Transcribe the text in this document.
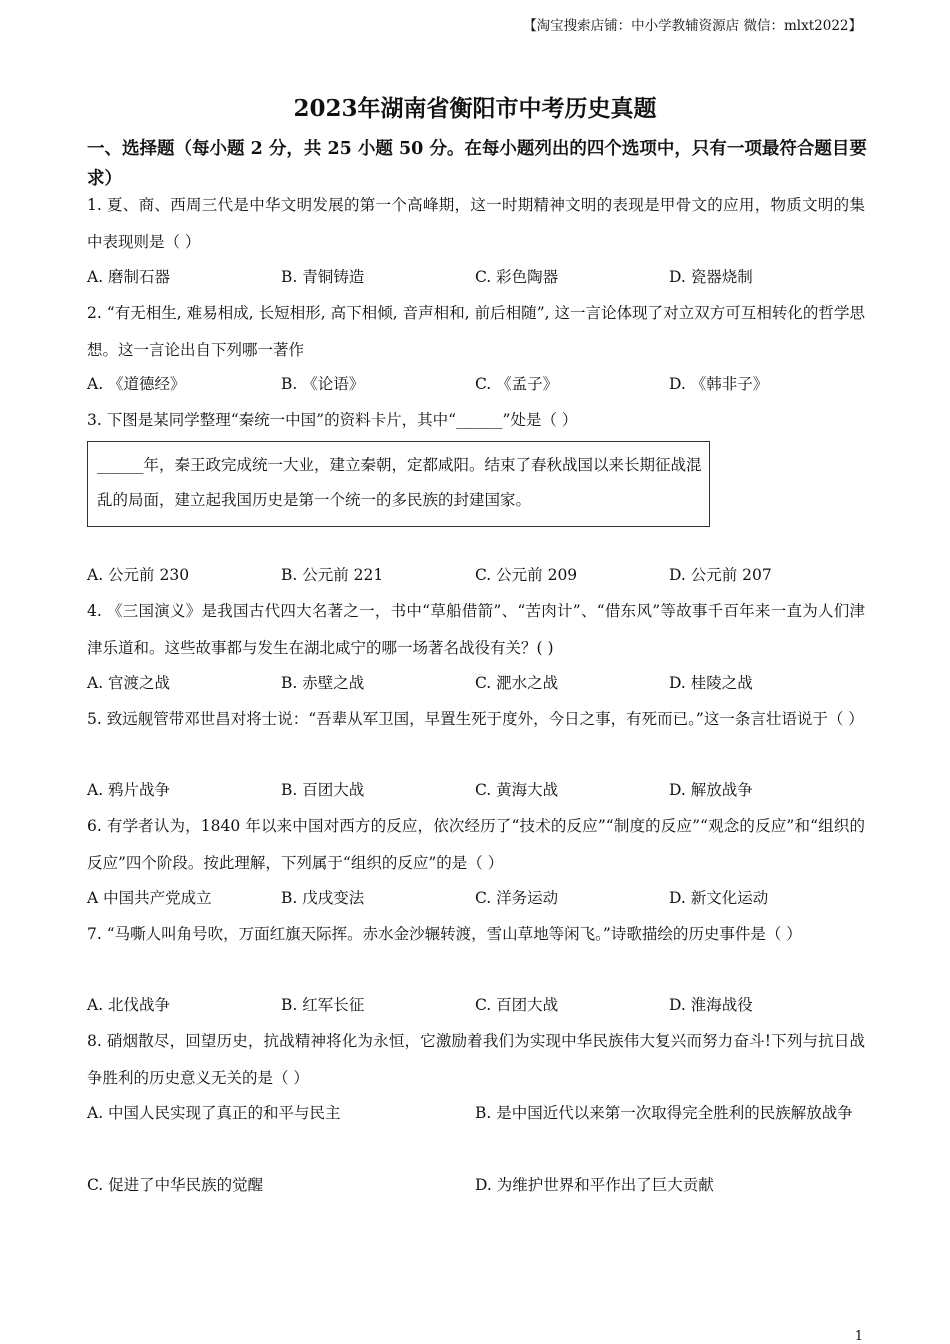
【淘宝搜索店铺：中小学教辅资源店 微信：mlxt2022】
2023年湖南省衡阳市中考历史真题
一、选择题（每小题 2 分，共 25 小题 50 分。在每小题列出的四个选项中，只有一项最符合题目要求）
1. 夏、商、西周三代是中华文明发展的第一个高峰期，这一时期精神文明的表现是甲骨文的应用，物质文明的集中表现则是（ ）
A. 磨制石器	B. 青铜铸造	C. 彩色陶器	D. 瓷器烧制
2. “有无相生, 难易相成, 长短相形, 高下相倾, 音声相和, 前后相随”, 这一言论体现了对立双方可互相转化的哲学思想。这一言论出自下列哪一著作
A. 《道德经》	B. 《论语》	C. 《孟子》	D. 《韩非子》
3. 下图是某同学整理“秦统一中国”的资料卡片，其中“______”处是（ ）
______年，秦王政完成统一大业，建立秦朝，定都咸阳。结束了春秋战国以来长期征战混乱的局面，建立起我国历史是第一个统一的多民族的封建国家。
A. 公元前 230	B. 公元前 221	C. 公元前 209	D. 公元前 207
4. 《三国演义》是我国古代四大名著之一，书中“草船借箭”、“苦肉计”、“借东风”等故事千百年来一直为人们津津乐道和。这些故事都与发生在湖北咸宁的哪一场著名战役有关？( )
A. 官渡之战	B. 赤壁之战	C. 淝水之战	D. 桂陵之战
5. 致远舰管带邓世昌对将士说：“吾辈从军卫国，早置生死于度外，今日之事，有死而已。”这一条言壮语说于（ ）
A. 鸦片战争	B. 百团大战	C. 黄海大战	D. 解放战争
6. 有学者认为，1840 年以来中国对西方的反应，依次经历了“技术的反应”“制度的反应”“观念的反应”和“组织的反应”四个阶段。按此理解，下列属于“组织的反应”的是（ ）
A 中国共产党成立	B. 戊戌变法	C. 洋务运动	D. 新文化运动
7. “马嘶人叫角号吹，万面红旗天际挥。赤水金沙辗转渡，雪山草地等闲飞。”诗歌描绘的历史事件是（ ）
A. 北伐战争	B. 红军长征	C. 百团大战	D. 淮海战役
8. 硝烟散尽，回望历史，抗战精神将化为永恒，它激励着我们为实现中华民族伟大复兴而努力奋斗!下列与抗日战争胜利的历史意义无关的是（ ）
A. 中国人民实现了真正的和平与民主	B. 是中国近代以来第一次取得完全胜利的民族解放战争
C. 促进了中华民族的觉醒	D. 为维护世界和平作出了巨大贡献
1
